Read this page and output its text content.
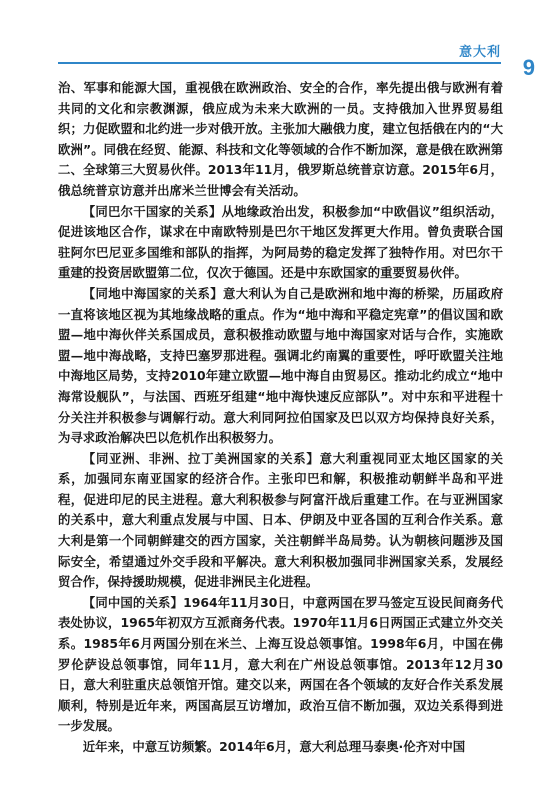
意大利
9

治、军事和能源大国，重视俄在欧洲政治、安全的合作，率先提出俄与欧洲有着共同的文化和宗教渊源，俄应成为未来大欧洲的一员。支持俄加入世界贸易组织；力促欧盟和北约进一步对俄开放。主张加大融俄力度，建立包括俄在内的“大欧洲”。同俄在经贸、能源、科技和文化等领域的合作不断加深，意是俄在欧洲第二、全球第三大贸易伙伴。2013年11月，俄罗斯总统普京访意。2015年6月，俄总统普京访意并出席米兰世博会有关活动。

【同巴尔干国家的关系】从地缘政治出发，积极参加“中欧倡议”组织活动，促进该地区合作，谋求在中南欧特别是巴尔干地区发挥更大作用。曾负责联合国驻阿尔巴尼亚多国维和部队的指挥，为阿局势的稳定发挥了独特作用。对巴尔干重建的投资居欧盟第二位，仅次于德国。还是中东欧国家的重要贸易伙伴。

【同地中海国家的关系】意大利认为自己是欧洲和地中海的桥梁，历届政府一直将该地区视为其地缘战略的重点。作为“地中海和平稳定宪章”的倡议国和欧盟—地中海伙伴关系国成员，意积极推动欧盟与地中海国家对话与合作，实施欧盟—地中海战略，支持巴塞罗那进程。强调北约南翼的重要性，呼吁欧盟关注地中海地区局势，支持2010年建立欧盟—地中海自由贸易区。推动北约成立“地中海常设舰队”，与法国、西班牙组建“地中海快速反应部队”。对中东和平进程十分关注并积极参与调解行动。意大利同阿拉伯国家及巴以双方均保持良好关系，为寻求政治解决巴以危机作出积极努力。

【同亚洲、非洲、拉丁美洲国家的关系】意大利重视同亚太地区国家的关系，加强同东南亚国家的经济合作。主张印巴和解，积极推动朝鲜半岛和平进程，促进印尼的民主进程。意大利积极参与阿富汗战后重建工作。在与亚洲国家的关系中，意大利重点发展与中国、日本、伊朗及中亚各国的互利合作关系。意大利是第一个同朝鲜建交的西方国家，关注朝鲜半岛局势。认为朝核问题涉及国际安全，希望通过外交手段和平解决。意大利积极加强同非洲国家关系，发展经贸合作，保持援助规模，促进非洲民主化进程。

【同中国的关系】1964年11月30日，中意两国在罗马签定互设民间商务代表处协议，1965年初双方互派商务代表。1970年11月6日两国正式建立外交关系。1985年6月两国分别在米兰、上海互设总领事馆。1998年6月，中国在佛罗伦萨设总领事馆，同年11月，意大利在广州设总领事馆。2013年12月30日，意大利驻重庆总领馆开馆。建交以来，两国在各个领域的友好合作关系发展顺利，特别是近年来，两国高层互访增加，政治互信不断加强，双边关系得到进一步发展。

近年来，中意互访频繁。2014年6月，意大利总理马泰奥·伦齐对中国
